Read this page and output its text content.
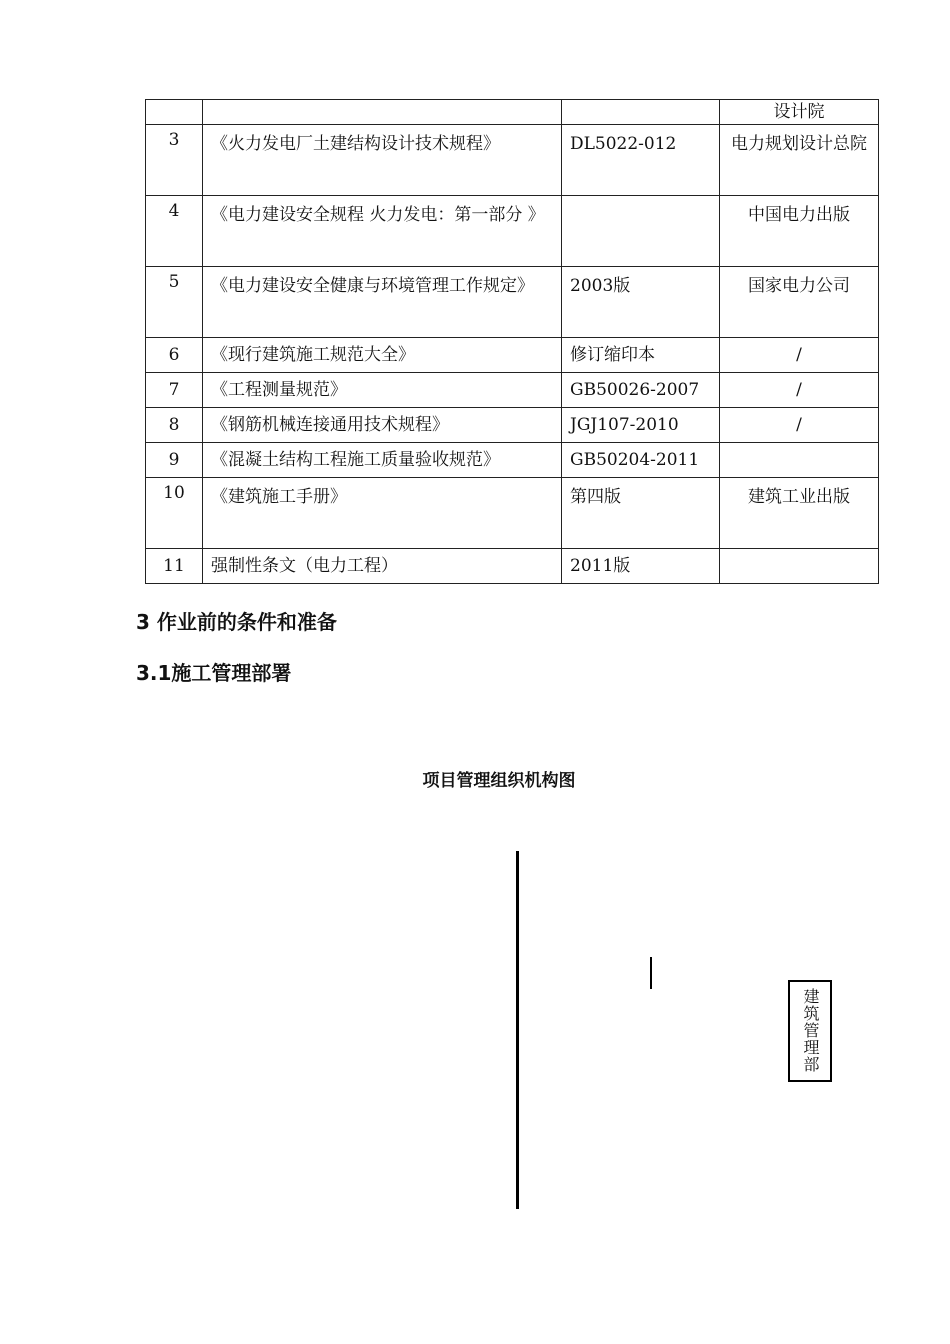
			设计院
3	《火力发电厂土建结构设计技术规程》	DL5022-012	电力规划设计总院
4	《电力建设安全规程 火力发电：第一部分 》		中国电力出版
5	《电力建设安全健康与环境管理工作规定》	2003版	国家电力公司
6	《现行建筑施工规范大全》	修订缩印本	/
7	《工程测量规范》	GB50026-2007	/
8	《钢筋机械连接通用技术规程》	JGJ107-2010	/
9	《混凝土结构工程施工质量验收规范》	GB50204-2011	
10	《建筑施工手册》	第四版	建筑工业出版
11	强制性条文（电力工程）	2011版	
3 作业前的条件和准备
3.1施工管理部署
项目管理组织机构图
建筑管理部
